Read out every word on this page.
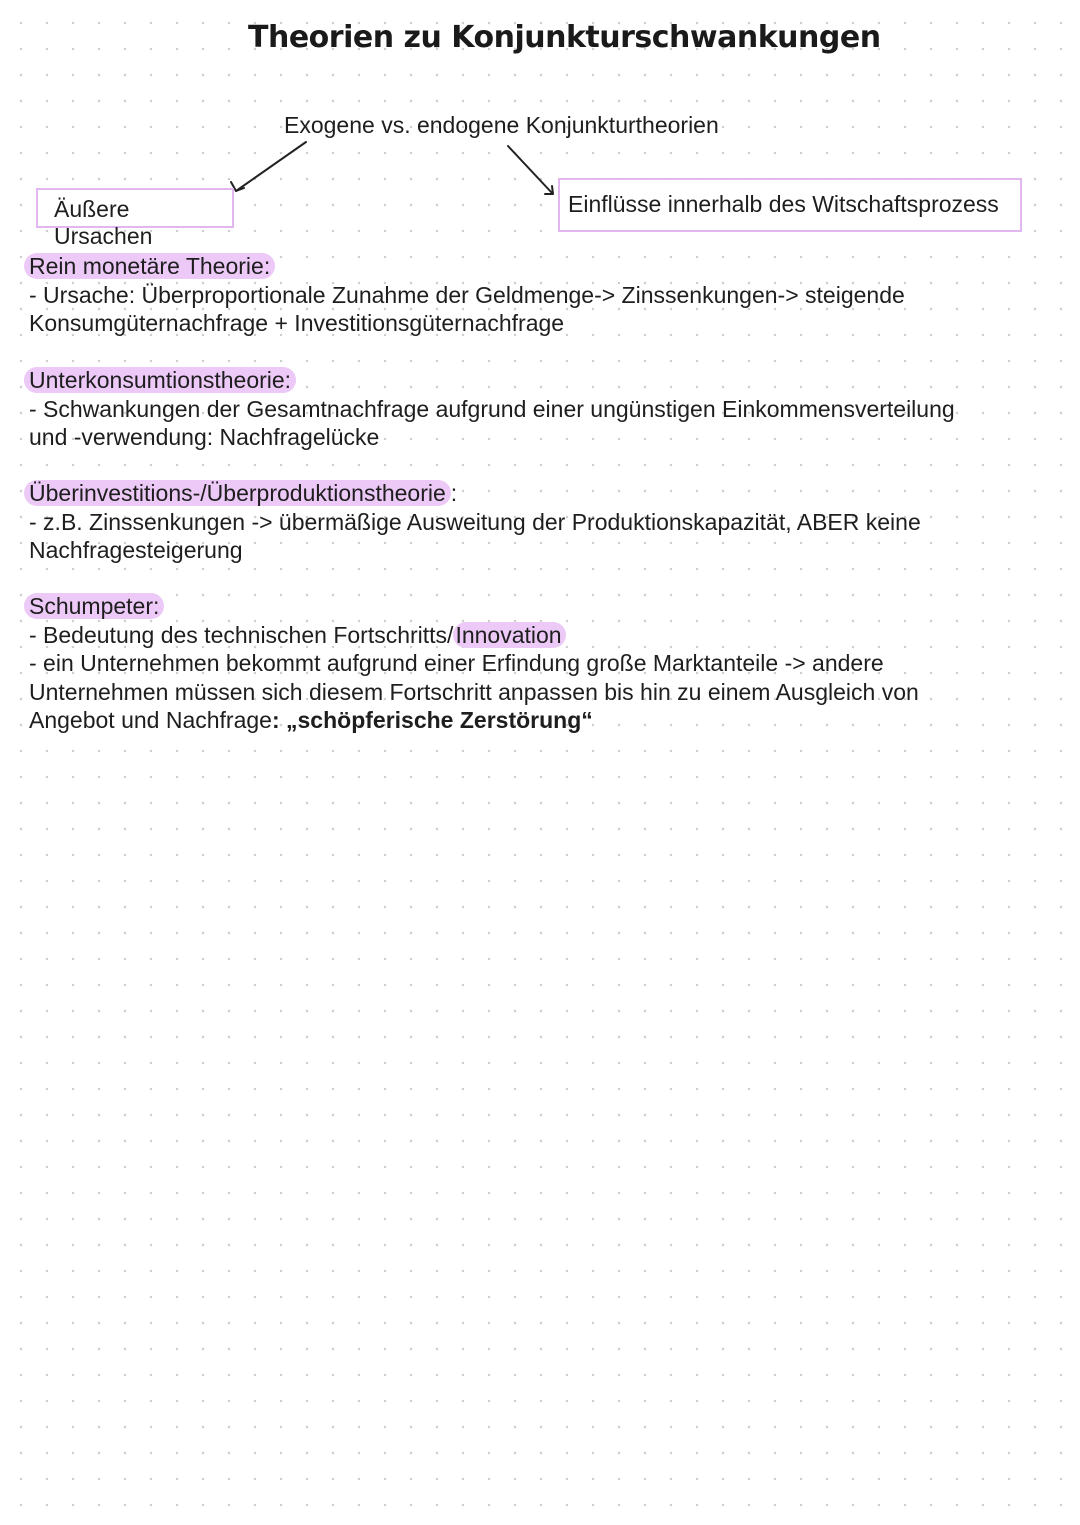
Theorien zu Konjunkturschwankungen
Exogene vs. endogene Konjunkturtheorien
Äußere Ursachen
Einflüsse innerhalb des Witschaftsprozess
Rein monetäre Theorie:
- Ursache: Überproportionale Zunahme der Geldmenge-> Zinssenkungen-> steigende
Konsumgüternachfrage + Investitionsgüternachfrage
Unterkonsumtionstheorie:
- Schwankungen der Gesamtnachfrage aufgrund einer ungünstigen Einkommensverteilung
und -verwendung: Nachfragelücke
Überinvestitions-/Überproduktionstheorie :
- z.B. Zinssenkungen -> übermäßige Ausweitung der Produktionskapazität, ABER keine
Nachfragesteigerung
Schumpeter:
- Bedeutung des technischen Fortschritts/Innovation
- ein Unternehmen bekommt aufgrund einer Erfindung große Marktanteile -> andere
Unternehmen müssen sich diesem Fortschritt anpassen bis hin zu einem Ausgleich von
Angebot und Nachfrage: „schöpferische Zerstörung“
